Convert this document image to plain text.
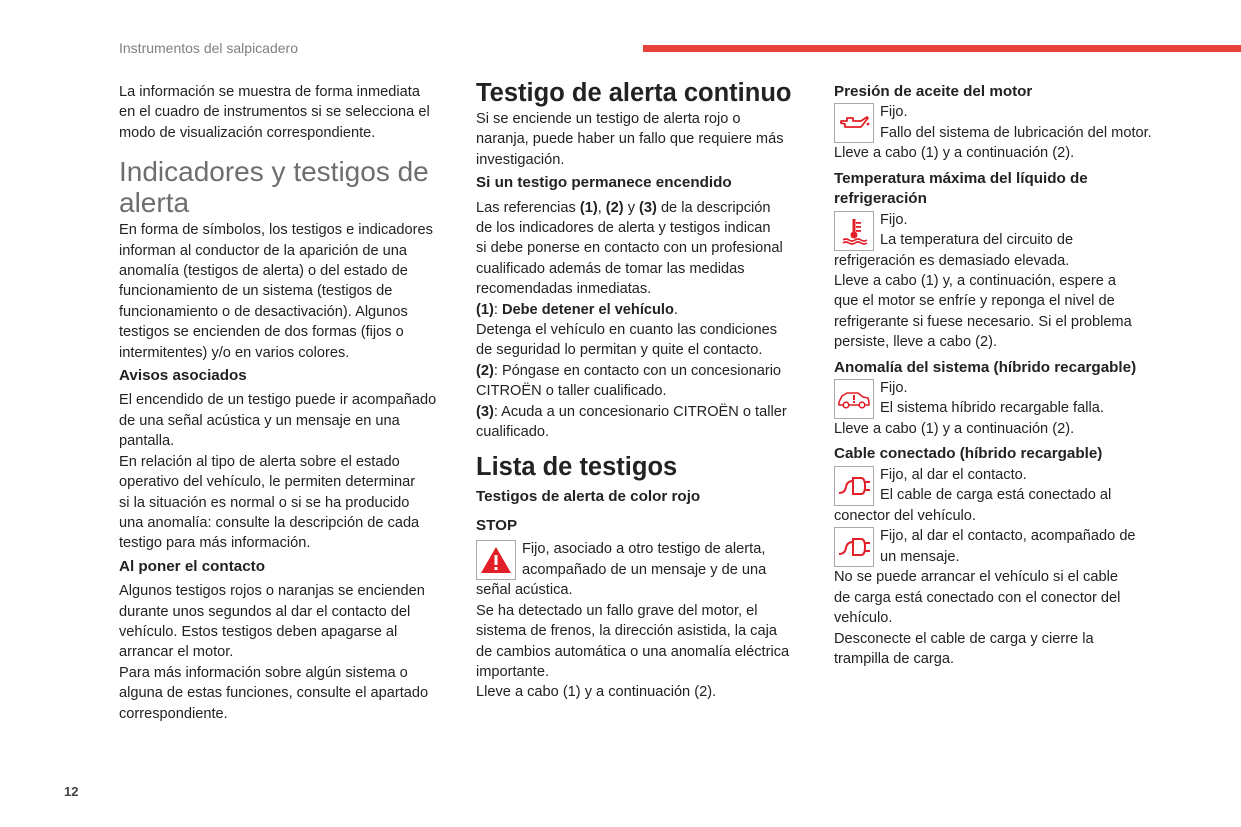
Instrumentos del salpicadero
12

La información se muestra de forma inmediata

en el cuadro de instrumentos si se selecciona el

modo de visualización correspondiente.

Indicadores y testigos de
alerta

En forma de símbolos, los testigos e indicadores

informan al conductor de la aparición de una

anomalía (testigos de alerta) o del estado de

funcionamiento de un sistema (testigos de

funcionamiento o de desactivación). Algunos

testigos se encienden de dos formas (fijos o

intermitentes) y/o en varios colores.

Avisos asociados

El encendido de un testigo puede ir acompañado

de una señal acústica y un mensaje en una

pantalla.

En relación al tipo de alerta sobre el estado

operativo del vehículo, le permiten determinar

si la situación es normal o si se ha producido

una anomalía: consulte la descripción de cada

testigo para más información.

Al poner el contacto

Algunos testigos rojos o naranjas se encienden

durante unos segundos al dar el contacto del

vehículo. Estos testigos deben apagarse al

arrancar el motor.

Para más información sobre algún sistema o

alguna de estas funciones, consulte el apartado

correspondiente.

Testigo de alerta continuo

Si se enciende un testigo de alerta rojo o

naranja, puede haber un fallo que requiere más

investigación.

Si un testigo permanece encendido

Las referencias (1), (2) y (3) de la descripción

de los indicadores de alerta y testigos indican

si debe ponerse en contacto con un profesional

cualificado además de tomar las medidas

recomendadas inmediatas.

(1): Debe detener el vehículo.

Detenga el vehículo en cuanto las condiciones

de seguridad lo permitan y quite el contacto.

(2): Póngase en contacto con un concesionario

CITROËN o taller cualificado.

(3): Acuda a un concesionario CITROËN o taller

cualificado.

Lista de testigos
Testigos de alerta de color rojo
STOP

Fijo, asociado a otro testigo de alerta,

acompañado de un mensaje y de una

señal acústica.

Se ha detectado un fallo grave del motor, el

sistema de frenos, la dirección asistida, la caja

de cambios automática o una anomalía eléctrica

importante.

Lleve a cabo (1) y a continuación (2).

Presión de aceite del motor

Fijo.

Fallo del sistema de lubricación del motor.

Lleve a cabo (1) y a continuación (2).

Temperatura máxima del líquido de
refrigeración

Fijo.

La temperatura del circuito de

refrigeración es demasiado elevada.

Lleve a cabo (1) y, a continuación, espere a

que el motor se enfríe y reponga el nivel de

refrigerante si fuese necesario. Si el problema

persiste, lleve a cabo (2).

Anomalía del sistema (híbrido recargable)

Fijo.

El sistema híbrido recargable falla.

Lleve a cabo (1) y a continuación (2).

Cable conectado (híbrido recargable)

Fijo, al dar el contacto.

El cable de carga está conectado al

conector del vehículo.

Fijo, al dar el contacto, acompañado de

un mensaje.

No se puede arrancar el vehículo si el cable

de carga está conectado con el conector del

vehículo.

Desconecte el cable de carga y cierre la

trampilla de carga.
